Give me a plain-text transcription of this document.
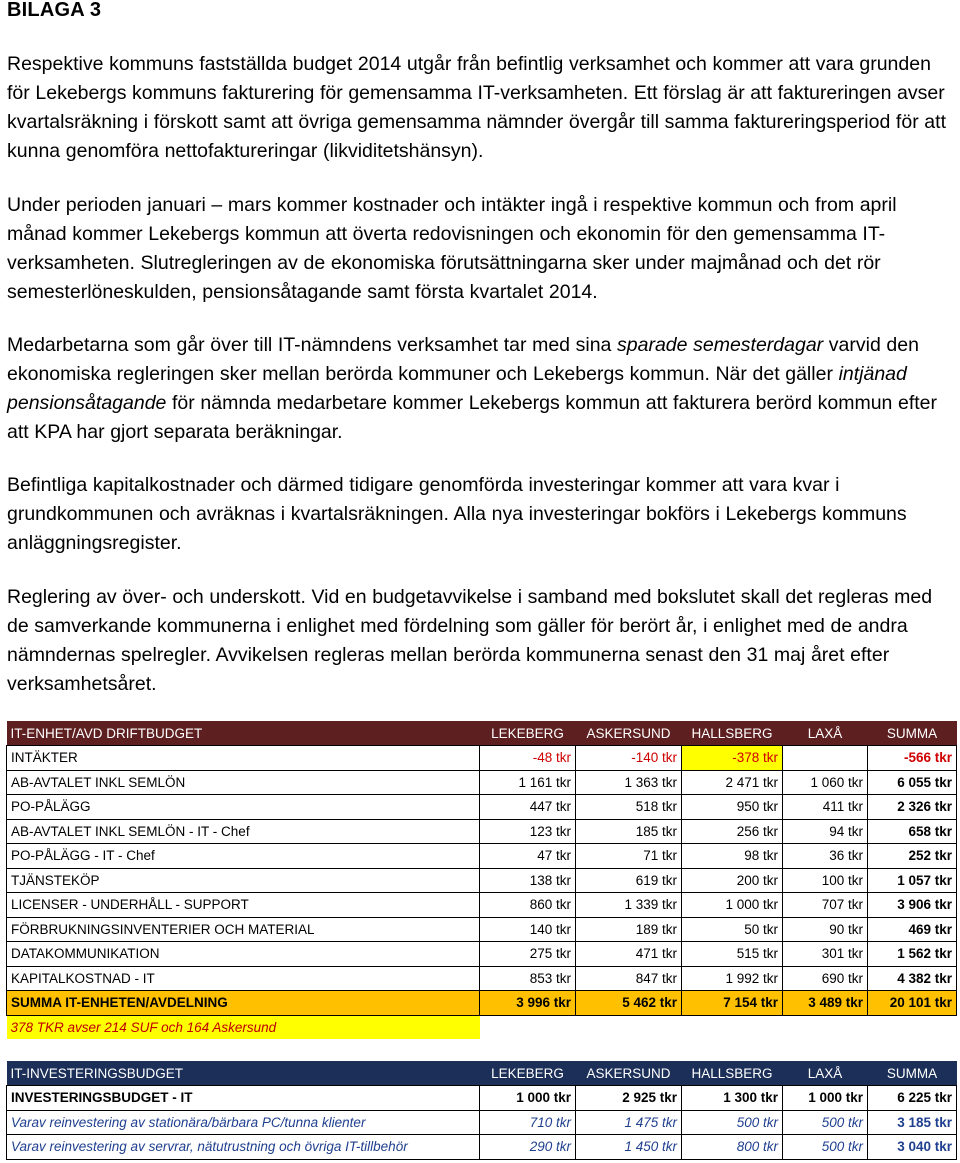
BILAGA 3
Respektive kommuns fastställda budget 2014 utgår från befintlig verksamhet och kommer att vara grunden för Lekebergs kommuns fakturering för gemensamma IT-verksamheten. Ett förslag är att faktureringen avser kvartalsräkning i förskott samt att övriga gemensamma nämnder övergår till samma faktureringsperiod för att kunna genomföra nettofaktureringar (likviditetshänsyn).
Under perioden januari – mars kommer kostnader och intäkter ingå i respektive kommun och from april månad kommer Lekebergs kommun att överta redovisningen och ekonomin för den gemensamma IT-verksamheten. Slutregleringen av de ekonomiska förutsättningarna sker under majmånad och det rör semesterlöneskulden, pensionsåtagande samt första kvartalet 2014.
Medarbetarna som går över till IT-nämndens verksamhet tar med sina sparade semesterdagar varvid den ekonomiska regleringen sker mellan berörda kommuner och Lekebergs kommun. När det gäller intjänad pensionsåtagande för nämnda medarbetare kommer Lekebergs kommun att fakturera berörd kommun efter att KPA har gjort separata beräkningar.
Befintliga kapitalkostnader och därmed tidigare genomförda investeringar kommer att vara kvar i grundkommunen och avräknas i kvartalsräkningen. Alla nya investeringar bokförs i Lekebergs kommuns anläggningsregister.
Reglering av över- och underskott. Vid en budgetavvikelse i samband med bokslutet skall det regleras med de samverkande kommunerna i enlighet med fördelning som gäller för berört år, i enlighet med de andra nämndernas spelregler. Avvikelsen regleras mellan berörda kommunerna senast den 31 maj året efter verksamhetsåret.
IT-ENHET/AVD DRIFTBUDGET	LEKEBERG	ASKERSUND	HALLSBERG	LAXÅ	SUMMA
INTÄKTER	-48 tkr	-140 tkr	-378 tkr		-566 tkr
AB-AVTALET INKL SEMLÖN	1 161 tkr	1 363 tkr	2 471 tkr	1 060 tkr	6 055 tkr
PO-PÅLÄGG	447 tkr	518 tkr	950 tkr	411 tkr	2 326 tkr
AB-AVTALET INKL SEMLÖN - IT - Chef	123 tkr	185 tkr	256 tkr	94 tkr	658 tkr
PO-PÅLÄGG - IT - Chef	47 tkr	71 tkr	98 tkr	36 tkr	252 tkr
TJÄNSTEKÖP	138 tkr	619 tkr	200 tkr	100 tkr	1 057 tkr
LICENSER - UNDERHÅLL - SUPPORT	860 tkr	1 339 tkr	1 000 tkr	707 tkr	3 906 tkr
FÖRBRUKNINGSINVENTERIER OCH MATERIAL	140 tkr	189 tkr	50 tkr	90 tkr	469 tkr
DATAKOMMUNIKATION	275 tkr	471 tkr	515 tkr	301 tkr	1 562 tkr
KAPITALKOSTNAD - IT	853 tkr	847 tkr	1 992 tkr	690 tkr	4 382 tkr
SUMMA IT-ENHETEN/AVDELNING	3 996 tkr	5 462 tkr	7 154 tkr	3 489 tkr	20 101 tkr
378 TKR avser 214 SUF och 164 Askersund					
IT-INVESTERINGSBUDGET	LEKEBERG	ASKERSUND	HALLSBERG	LAXÅ	SUMMA
INVESTERINGSBUDGET - IT	1 000 tkr	2 925 tkr	1 300 tkr	1 000 tkr	6 225 tkr
Varav reinvestering av stationära/bärbara PC/tunna klienter	710 tkr	1 475 tkr	500 tkr	500 tkr	3 185 tkr
Varav reinvestering av servrar, nätutrustning och övriga IT-tillbehör	290 tkr	1 450 tkr	800 tkr	500 tkr	3 040 tkr
